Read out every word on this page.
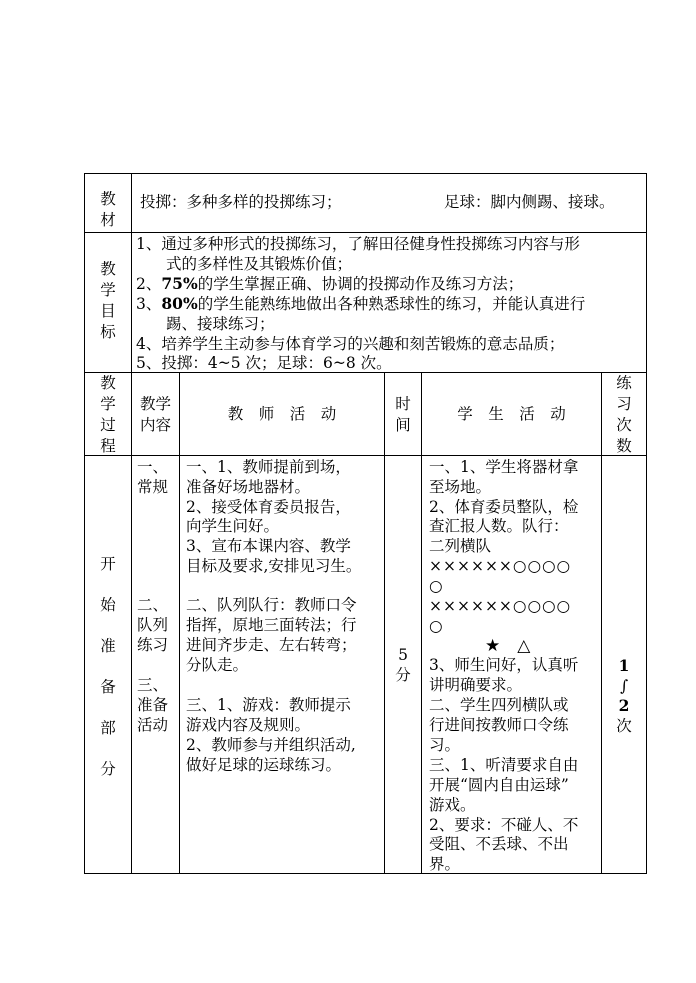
教
材
投掷：多种多样的投掷练习；	足球：脚内侧踢、接球。
教
学
目
标
1、通过多种形式的投掷练习，了解田径健身性投掷练习内容与形
式的多样性及其锻炼价值；
2、75%的学生掌握正确、协调的投掷动作及练习方法；
3、80%的学生能熟练地做出各种熟悉球性的练习，并能认真进行
踢、接球练习；
4、培养学生主动参与体育学习的兴趣和刻苦锻炼的意志品质；
5、投掷：4~5 次；足球：6~8 次。
教
学
过
程
教学
内容
教　师　活　动
时
间
学　生　活　动
练
习
次
数
开
始
准
备
部
分
一、
常规
二、
队列
练习
三、
准备
活动
一、1、教师提前到场，
准备好场地器材。
2、接受体育委员报告，
向学生问好。
3、宣布本课内容、教学
目标及要求,安排见习生。
二、队列队行：教师口令
指挥，原地三面转法；行
进间齐步走、左右转弯；
分队走。
三、1、游戏：教师提示
游戏内容及规则。
2、教师参与并组织活动,
做好足球的运球练习。
5
分
一、1、学生将器材拿
至场地。
2、体育委员整队，检
查汇报人数。队行：
二列横队
××××××○○○○
○
××××××○○○○
○
★　△
3、师生问好，认真听
讲明确要求。
二、学生四列横队或
行进间按教师口令练
习。
三、1、听清要求自由
开展“圆内自由运球”
游戏。
2、要求：不碰人、不
受阻、不丢球、不出
界。
1
∫
2
次
